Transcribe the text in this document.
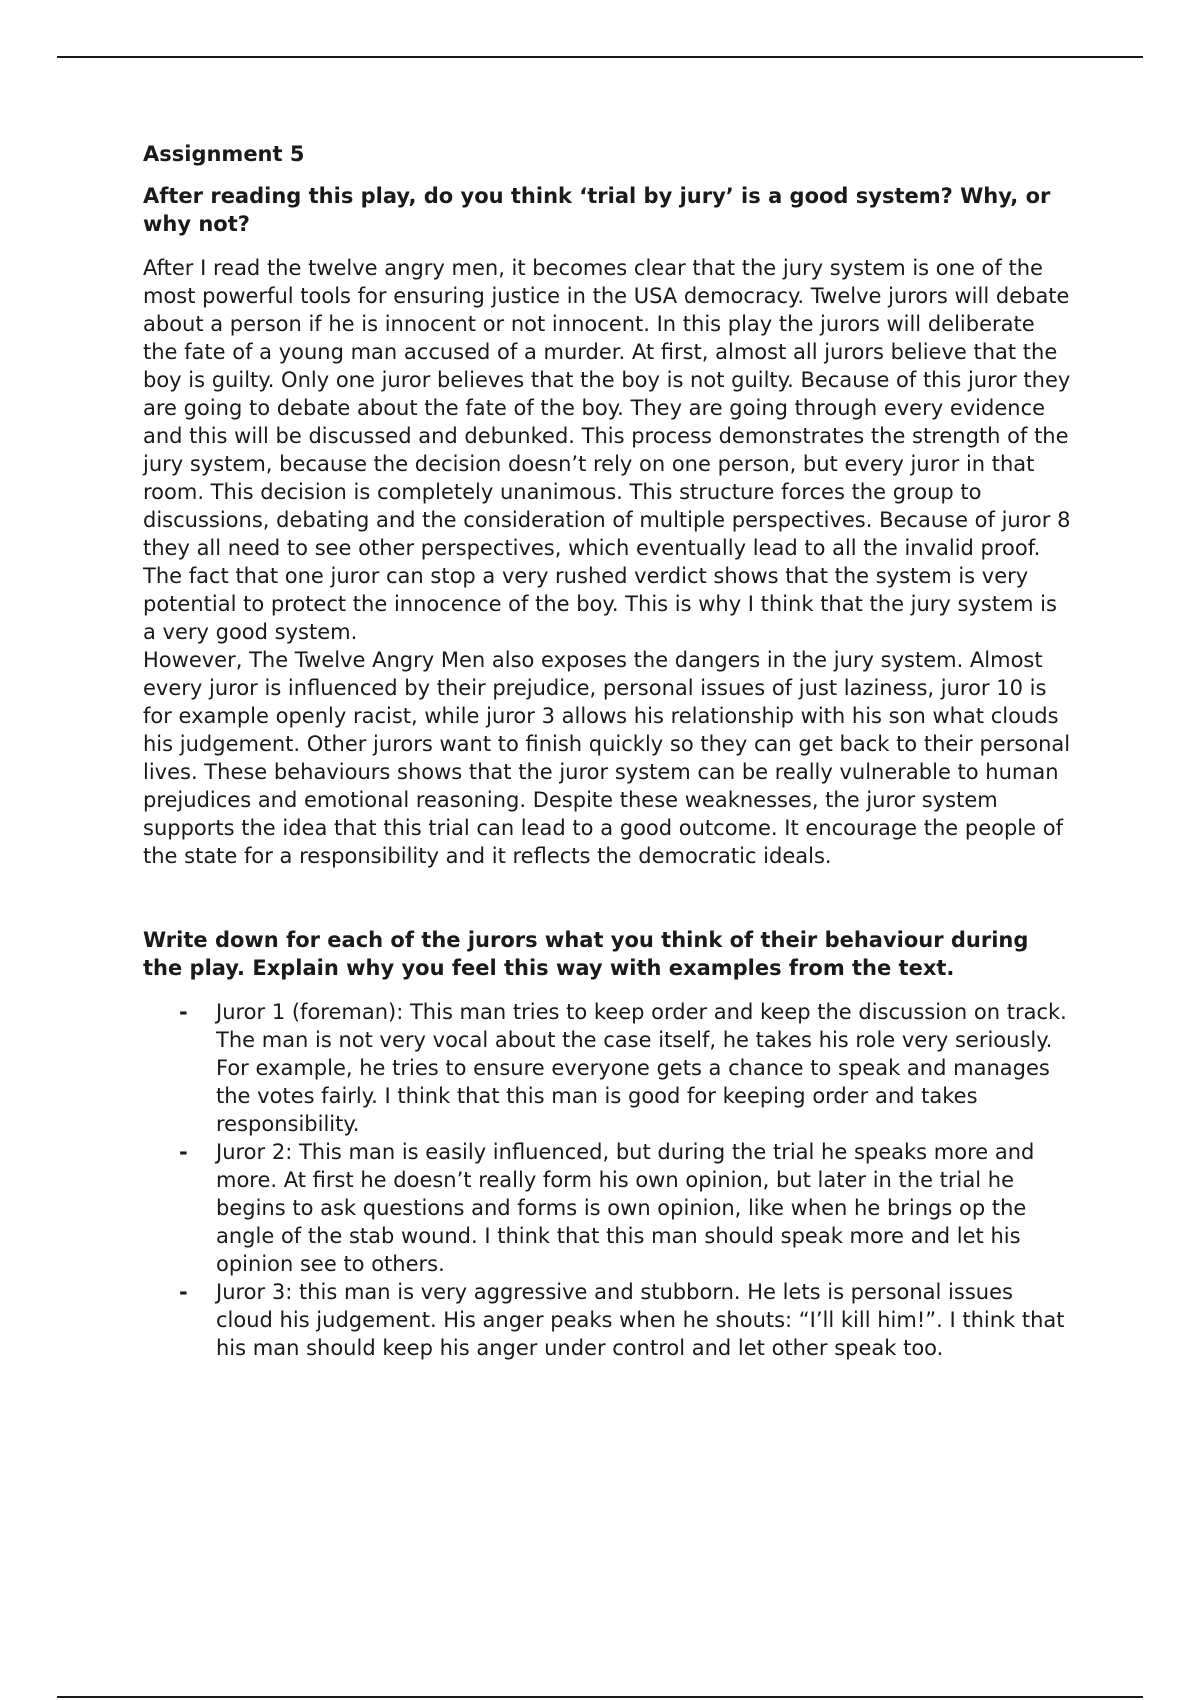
Assignment 5

After reading this play, do you think ‘trial by jury’ is a good system? Why, or why not?

After I read the twelve angry men, it becomes clear that the jury system is one of the most powerful tools for ensuring justice in the USA democracy. Twelve jurors will debate about a person if he is innocent or not innocent. In this play the jurors will deliberate the fate of a young man accused of a murder. At first, almost all jurors believe that the boy is guilty. Only one juror believes that the boy is not guilty. Because of this juror they are going to debate about the fate of the boy. They are going through every evidence and this will be discussed and debunked. This process demonstrates the strength of the jury system, because the decision doesn’t rely on one person, but every juror in that room. This decision is completely unanimous. This structure forces the group to discussions, debating and the consideration of multiple perspectives. Because of juror 8 they all need to see other perspectives, which eventually lead to all the invalid proof. The fact that one juror can stop a very rushed verdict shows that the system is very potential to protect the innocence of the boy. This is why I think that the jury system is a very good system.

However, The Twelve Angry Men also exposes the dangers in the jury system. Almost every juror is influenced by their prejudice, personal issues of just laziness, juror 10 is for example openly racist, while juror 3 allows his relationship with his son what clouds his judgement. Other jurors want to finish quickly so they can get back to their personal lives. These behaviours shows that the juror system can be really vulnerable to human prejudices and emotional reasoning. Despite these weaknesses, the juror system supports the idea that this trial can lead to a good outcome. It encourage the people of the state for a responsibility and it reflects the democratic ideals.

Write down for each of the jurors what you think of their behaviour during the play. Explain why you feel this way with examples from the text.

- Juror 1 (foreman): This man tries to keep order and keep the discussion on track. The man is not very vocal about the case itself, he takes his role very seriously. For example, he tries to ensure everyone gets a chance to speak and manages the votes fairly. I think that this man is good for keeping order and takes responsibility.
- Juror 2: This man is easily influenced, but during the trial he speaks more and more. At first he doesn’t really form his own opinion, but later in the trial he begins to ask questions and forms is own opinion, like when he brings op the angle of the stab wound. I think that this man should speak more and let his opinion see to others.
- Juror 3: this man is very aggressive and stubborn. He lets is personal issues cloud his judgement. His anger peaks when he shouts: “I’ll kill him!”. I think that his man should keep his anger under control and let other speak too.
